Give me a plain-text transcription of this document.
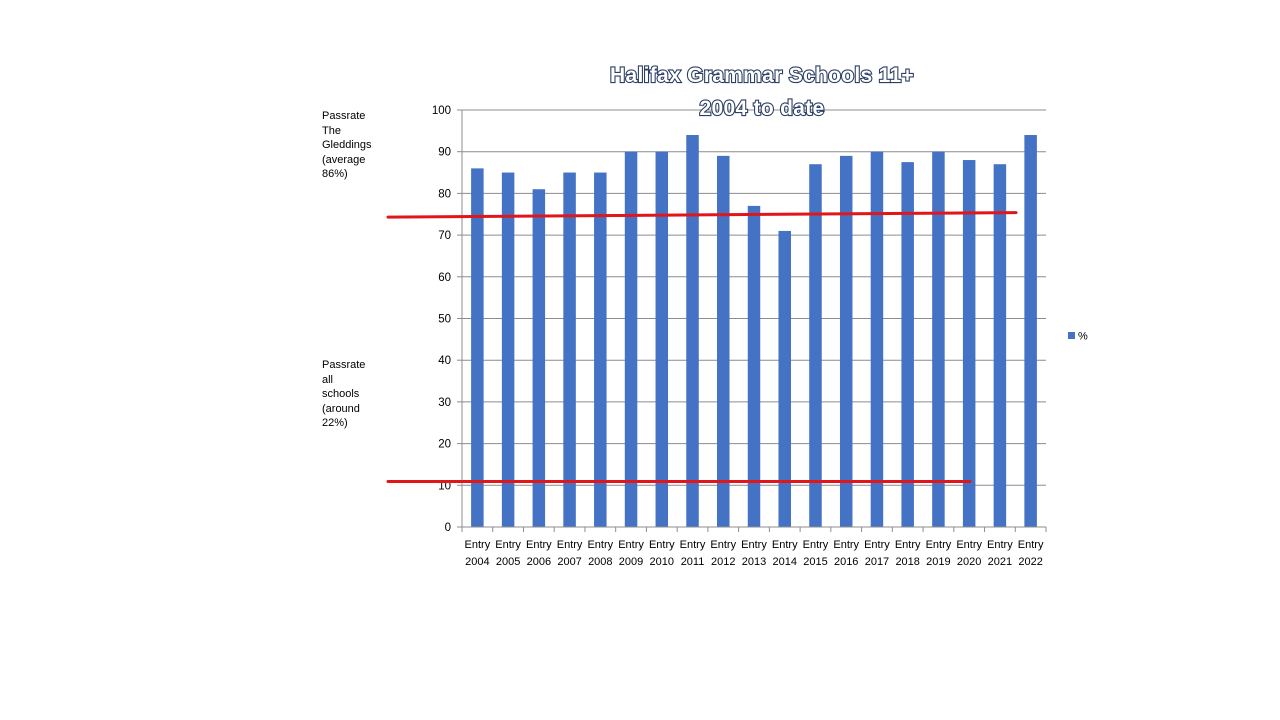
Passrate
The
Gleddings
(average
86%)
Passrate
all
schools
(around
22%)
0
10
20
30
40
50
60
70
80
90
100
Entry 2004
Entry 2005
Entry 2006
Entry 2007
Entry 2008
Entry 2009
Entry 2010
Entry 2011
Entry 2012
Entry 2013
Entry 2014
Entry 2015
Entry 2016
Entry 2017
Entry 2018
Entry 2019
Entry 2020
Entry 2021
Entry 2022
Halifax Grammar Schools 11+
2004 to date
%
